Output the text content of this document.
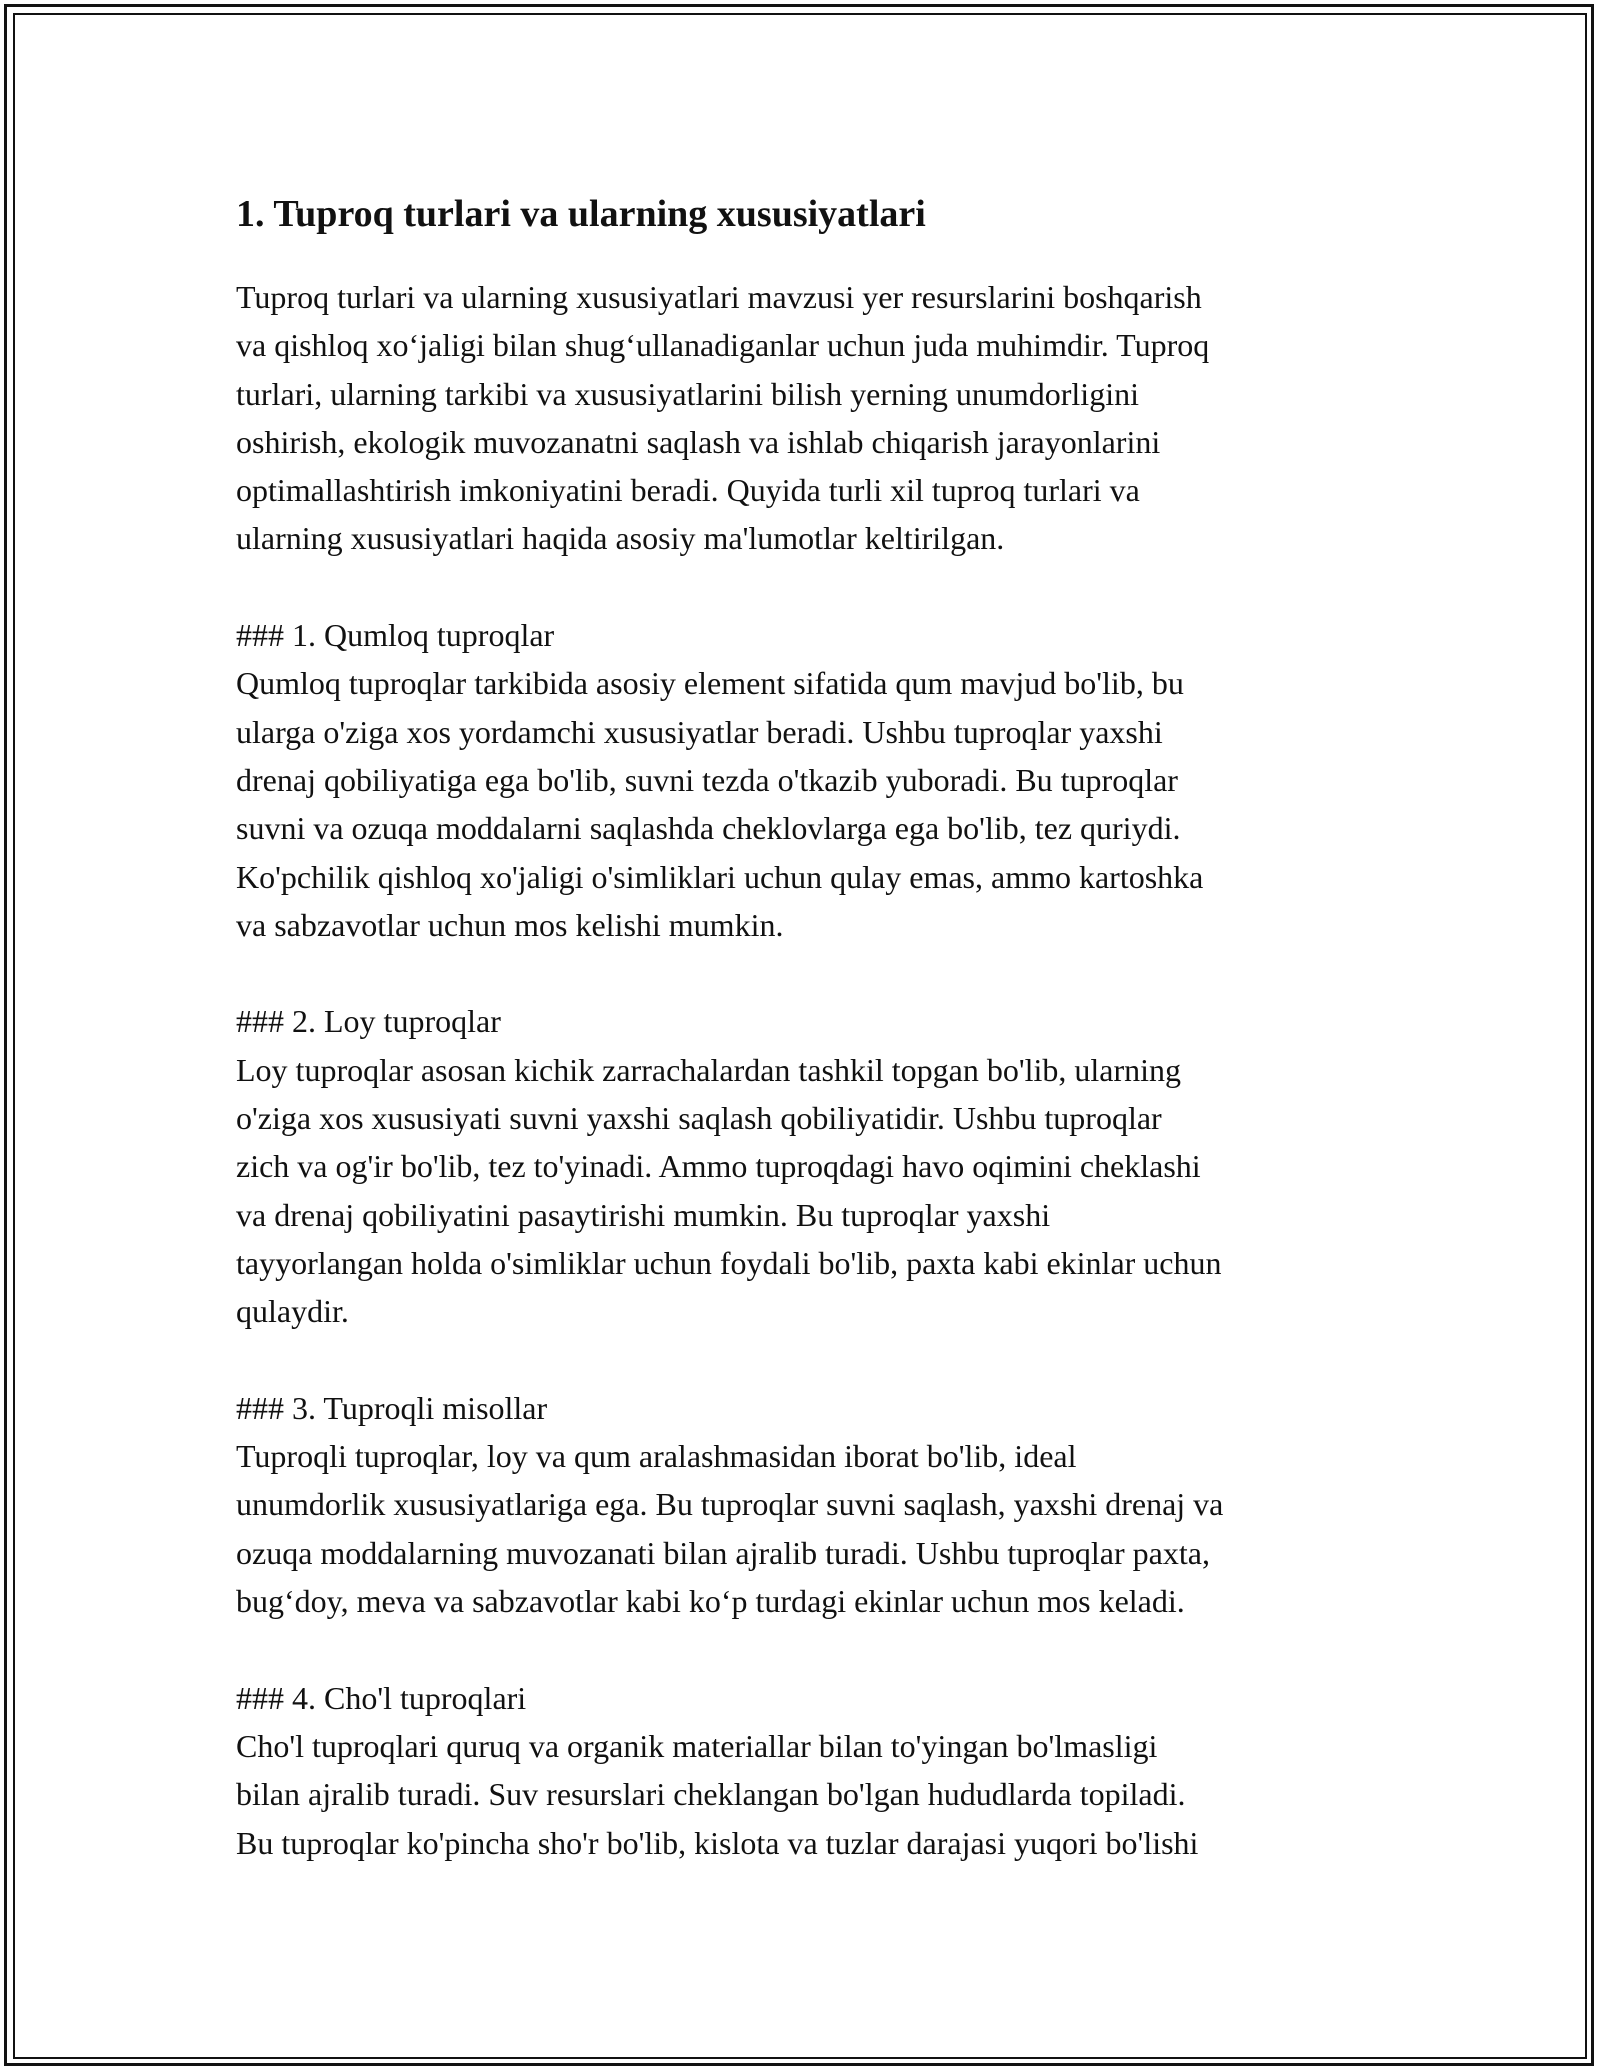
1. Tuproq turlari va ularning xususiyatlari

Tuproq turlari va ularning xususiyatlari mavzusi yer resurslarini boshqarish
va qishloq xo‘jaligi bilan shug‘ullanadiganlar uchun juda muhimdir. Tuproq
turlari, ularning tarkibi va xususiyatlarini bilish yerning unumdorligini
oshirish, ekologik muvozanatni saqlash va ishlab chiqarish jarayonlarini
optimallashtirish imkoniyatini beradi. Quyida turli xil tuproq turlari va
ularning xususiyatlari haqida asosiy ma'lumotlar keltirilgan.

### 1. Qumloq tuproqlar

Qumloq tuproqlar tarkibida asosiy element sifatida qum mavjud bo'lib, bu
ularga o'ziga xos yordamchi xususiyatlar beradi. Ushbu tuproqlar yaxshi
drenaj qobiliyatiga ega bo'lib, suvni tezda o'tkazib yuboradi. Bu tuproqlar
suvni va ozuqa moddalarni saqlashda cheklovlarga ega bo'lib, tez quriydi.
Ko'pchilik qishloq xo'jaligi o'simliklari uchun qulay emas, ammo kartoshka
va sabzavotlar uchun mos kelishi mumkin.

### 2. Loy tuproqlar

Loy tuproqlar asosan kichik zarrachalardan tashkil topgan bo'lib, ularning
o'ziga xos xususiyati suvni yaxshi saqlash qobiliyatidir. Ushbu tuproqlar
zich va og'ir bo'lib, tez to'yinadi. Ammo tuproqdagi havo oqimini cheklashi
va drenaj qobiliyatini pasaytirishi mumkin. Bu tuproqlar yaxshi
tayyorlangan holda o'simliklar uchun foydali bo'lib, paxta kabi ekinlar uchun
qulaydir.

### 3. Tuproqli misollar

Tuproqli tuproqlar, loy va qum aralashmasidan iborat bo'lib, ideal
unumdorlik xususiyatlariga ega. Bu tuproqlar suvni saqlash, yaxshi drenaj va
ozuqa moddalarning muvozanati bilan ajralib turadi. Ushbu tuproqlar paxta,
bug‘doy, meva va sabzavotlar kabi ko‘p turdagi ekinlar uchun mos keladi.

### 4. Cho'l tuproqlari

Cho'l tuproqlari quruq va organik materiallar bilan to'yingan bo'lmasligi
bilan ajralib turadi. Suv resurslari cheklangan bo'lgan hududlarda topiladi.
Bu tuproqlar ko'pincha sho'r bo'lib, kislota va tuzlar darajasi yuqori bo'lishi
